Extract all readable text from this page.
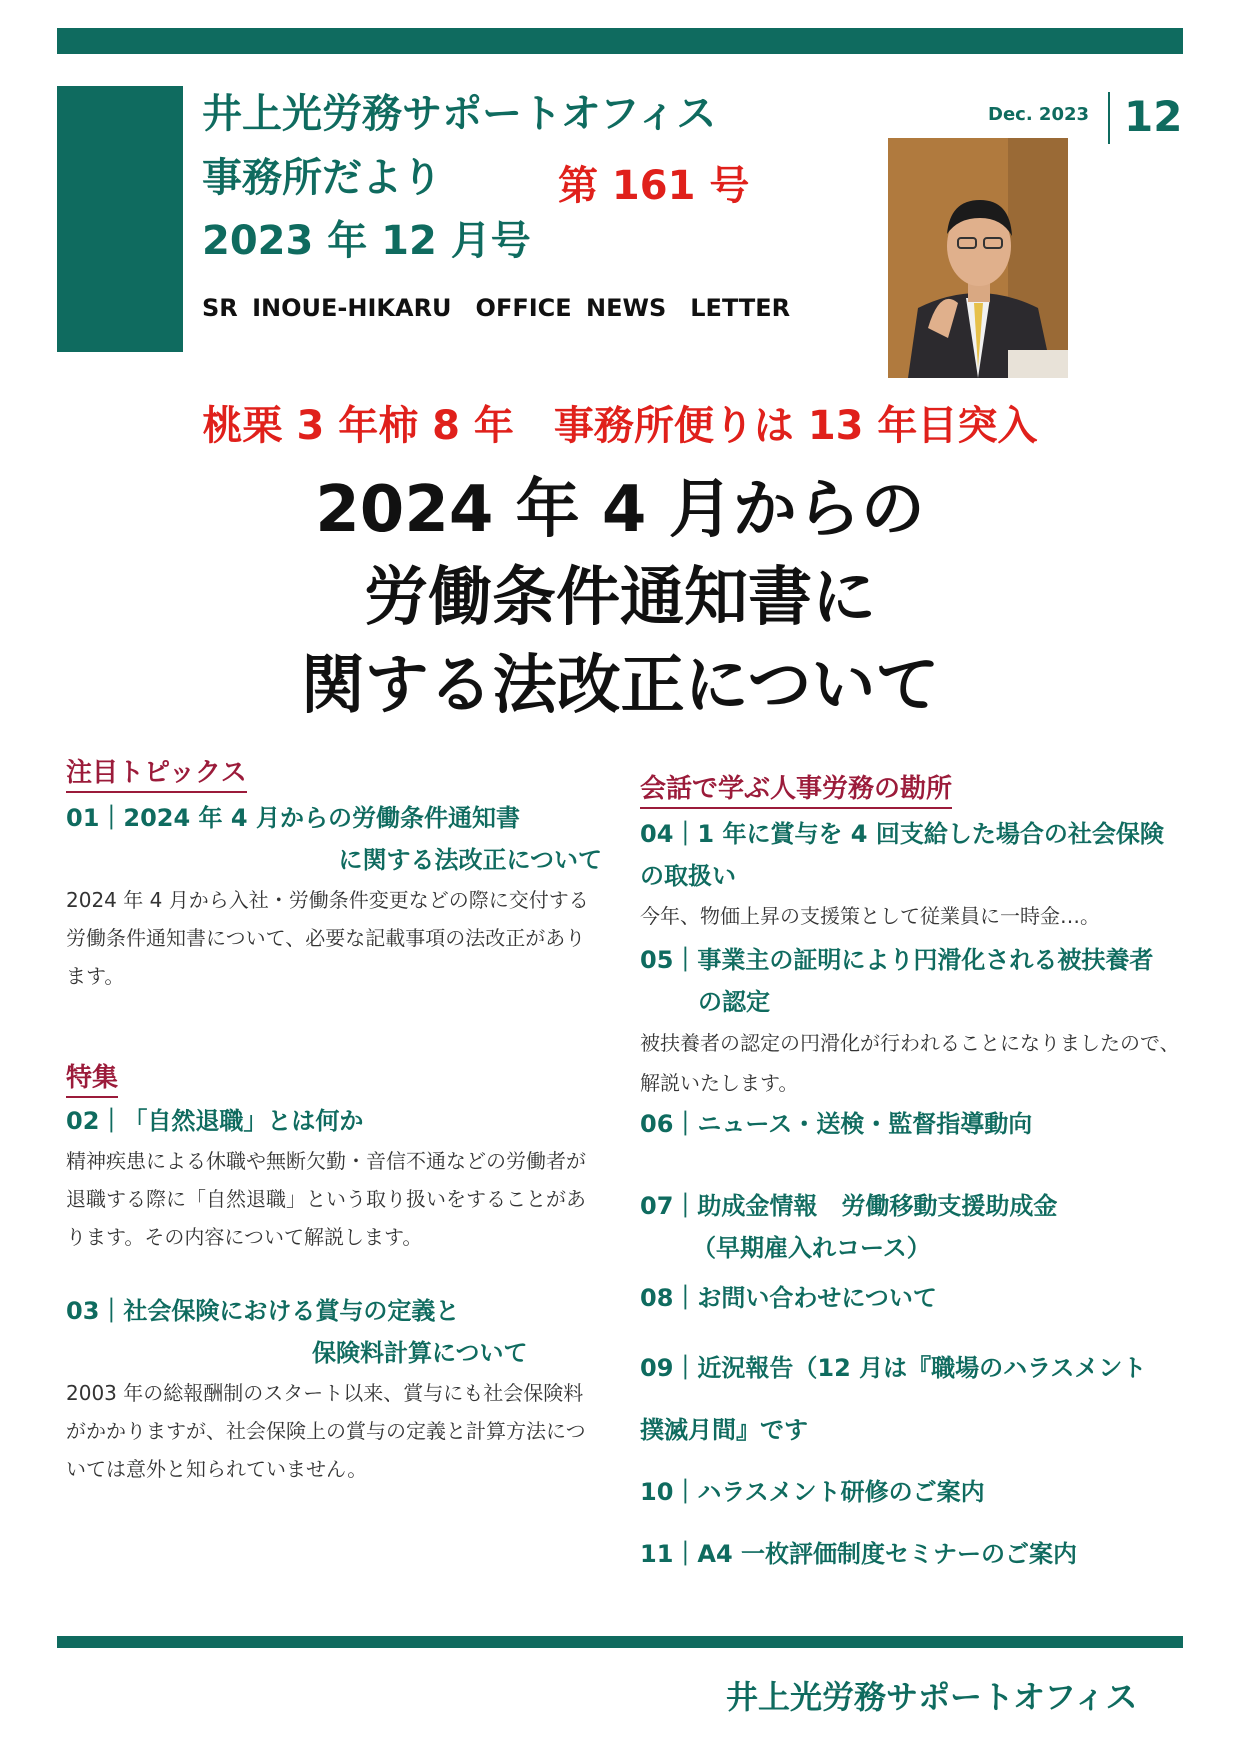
井上光労務サポートオフィス
事務所だより	第 161 号
2023 年 12 月号
SR INOUE-HIKARU　OFFICE NEWS　LETTER
Dec. 2023 12
桃栗 3 年柿 8 年　事務所便りは 13 年目突入
2024 年 4 月からの
労働条件通知書に
関する法改正について
注目トピックス
01｜2024 年 4 月からの労働条件通知書
に関する法改正について
2024 年 4 月から入社・労働条件変更などの際に交付する労働条件通知書について、必要な記載事項の法改正があります。
特集
02｜「自然退職」とは何か
精神疾患による休職や無断欠勤・音信不通などの労働者が退職する際に「自然退職」という取り扱いをすることがあります。その内容について解説します。
03｜社会保険における賞与の定義と
保険料計算について
2003 年の総報酬制のスタート以来、賞与にも社会保険料がかかりますが、社会保険上の賞与の定義と計算方法については意外と知られていません。
会話で学ぶ人事労務の勘所
04｜1 年に賞与を 4 回支給した場合の社会保険
の取扱い
今年、物価上昇の支援策として従業員に一時金…。
05｜事業主の証明により円滑化される被扶養者
の認定
被扶養者の認定の円滑化が行われることになりましたので、解説いたします。
06｜ニュース・送検・監督指導動向
07｜助成金情報　労働移動支援助成金
（早期雇入れコース）
08｜お問い合わせについて
09｜近況報告（12 月は『職場のハラスメント
撲滅月間』です
10｜ハラスメント研修のご案内
11｜A4 一枚評価制度セミナーのご案内
井上光労務サポートオフィス
